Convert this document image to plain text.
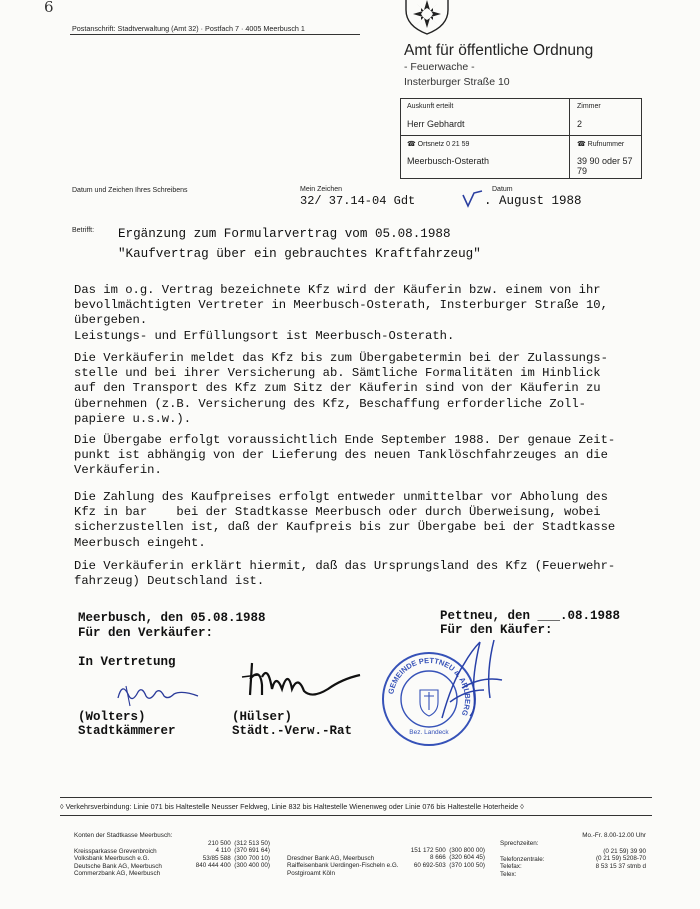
6
Postanschrift: Stadtverwaltung (Amt 32) · Postfach 7 · 4005 Meerbusch 1
Amt für öffentliche Ordnung
- Feuerwache -
Insterburger Straße 10
Auskunft erteilt
Herr Gebhardt
Zimmer
2
☎ Ortsnetz 0 21 59
Meerbusch-Osterath
☎ Rufnummer
39 90 oder 57 79
Datum und Zeichen Ihres Schreibens	Mein Zeichen
32/ 37.14-04 Gdt
Datum
. August 1988
Betrifft: Ergänzung zum Formularvertrag vom 05.08.1988
"Kaufvertrag über ein gebrauchtes Kraftfahrzeug"

Das im o.g. Vertrag bezeichnete Kfz wird der Käuferin bzw. einem von ihr

bevollmächtigten Vertreter in Meerbusch-Osterath, Insterburger Straße 10,

übergeben.

Leistungs- und Erfüllungsort ist Meerbusch-Osterath.

Die Verkäuferin meldet das Kfz bis zum Übergabetermin bei der Zulassungs-

stelle und bei ihrer Versicherung ab. Sämtliche Formalitäten im Hinblick

auf den Transport des Kfz zum Sitz der Käuferin sind von der Käuferin zu

übernehmen (z.B. Versicherung des Kfz, Beschaffung erforderliche Zoll-

papiere u.s.w.).

Die Übergabe erfolgt voraussichtlich Ende September 1988. Der genaue Zeit-

punkt ist abhängig von der Lieferung des neuen Tanklöschfahrzeuges an die

Verkäuferin.

Die Zahlung des Kaufpreises erfolgt entweder unmittelbar vor Abholung des

Kfz in bar    bei der Stadtkasse Meerbusch oder durch Überweisung, wobei

sicherzustellen ist, daß der Kaufpreis bis zur Übergabe bei der Stadtkasse

Meerbusch eingeht.

Die Verkäuferin erklärt hiermit, daß das Ursprungsland des Kfz (Feuerwehr-

fahrzeug) Deutschland ist.

Meerbusch, den 05.08.1988
Für den Verkäufer:
In Vertretung
(Wolters)
Stadtkämmerer
(Hülser)
Städt.-Verw.-Rat
Pettneu, den ___.08.1988
Für den Käufer:
GEMEINDE PETTNEU a. ARLBERG
Bez. Landeck
◊ Verkehrsverbindung: Linie 071 bis Haltestelle Neusser Feldweg, Linie 832 bis Haltestelle Wienenweg oder Linie 076 bis Haltestelle Hoterheide ◊
Konten der Stadtkasse Meerbusch:
Kreissparkasse Grevenbroich
210 500  (312 513 50)
Volksbank Meerbusch e.G.
4 110  (370 691 64)
Deutsche Bank AG, Meerbusch
53/85 588  (300 700 10)
Commerzbank AG, Meerbusch
840 444 400  (300 400 00)
Dresdner Bank AG, Meerbusch
151 172 500  (300 800 00)
Raiffeisenbank Uerdingen-Fischeln e.G.
8 666  (320 604 45)
Postgiroamt Köln
60 692-503  (370 100 50)
Sprechzeiten:
Mo.-Fr. 8.00-12.00 Uhr
Telefonzentrale:
(0 21 59) 39 90
Telefax:
(0 21 59) 5208-70
Telex:
8 53 15 37 stmb d
